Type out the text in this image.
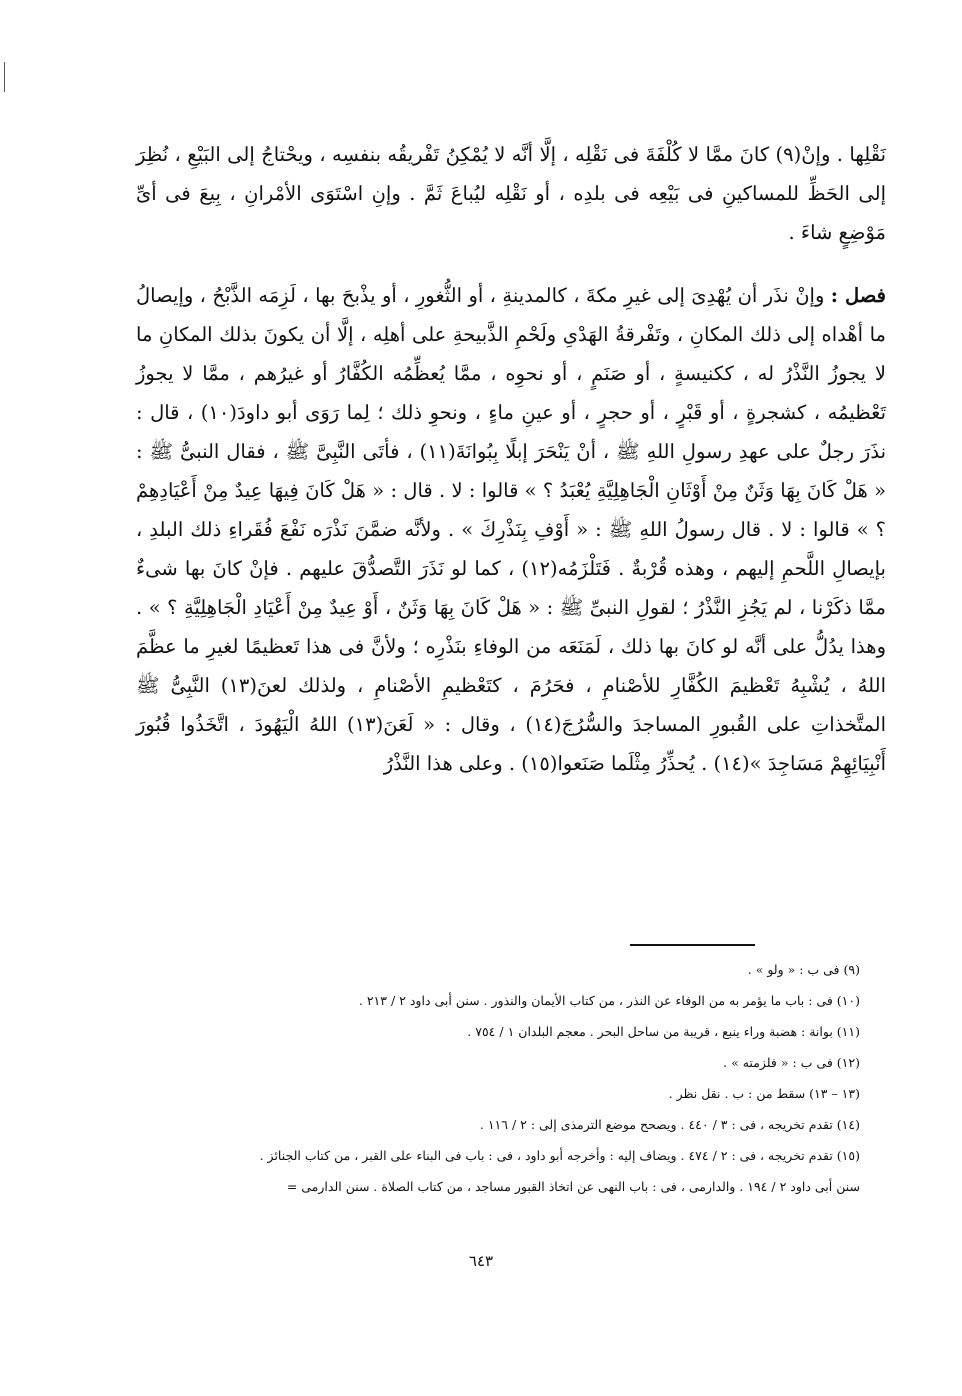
نَقْلِها . وإنْ(٩) كانَ ممَّا لا كُلْفَةَ فى نَقْلِه ، إلَّا أنَّه لا يُمْكِنُ تَفْريقُه بنفسِه ، ويحْتاجُ إلى البَيْعِ ، نُظِرَ إلى الحَظِّ للمساكينِ فى بَيْعِه فى بلدِه ، أو نَقْلِه ليُباعَ ثَمَّ . وإنِ اسْتَوَى الأمْرانِ ، بِيعَ فى أىِّ مَوْضِعٍ شاءَ .

فصل : وإنْ نذَر أن يُهْدِىَ إلى غيرِ مكةَ ، كالمدينةِ ، أو الثُّغورِ ، أو يذْبحَ بها ، لَزِمَه الذَّبْحُ ، وإيصالُ ما أهْداه إلى ذلك المكانِ ، وتَفْرقةُ الهَدْىِ ولَحْمِ الذَّبيحةِ على أهلِه ، إلَّا أن يكونَ بذلك المكانِ ما لا يجوزُ النَّذْرُ له ، ككنيسةٍ ، أو صَنَمٍ ، أو نحوِه ، ممَّا يُعظِّمُه الكُفَّارُ أو غيرُهم ، ممَّا لا يجوزُ تَعْظيمُه ، كشجرةٍ ، أو قَبْرٍ ، أو حجرٍ ، أو عينِ ماءٍ ، ونحوِ ذلك ؛ لِما رَوَى أبو داودَ(١٠) ، قال : نذَرَ رجلٌ على عهدِ رسولِ اللهِ ﷺ ، أنْ يَنْحَرَ إبلًا بِبُوانَةَ(١١) ، فأتَى النَّبِىَّ ﷺ ، فقال النبىُّ ﷺ : « هَلْ كَانَ بِهَا وَثَنٌ مِنْ أَوْثَانِ الْجَاهِلِيَّةِ يُعْبَدُ ؟ » قالوا : لا . قال : « هَلْ كَانَ فِيهَا عِيدٌ مِنْ أَعْيَادِهِمْ ؟ » قالوا : لا . قال رسولُ اللهِ ﷺ : « أَوْفِ بِنَذْرِكَ » . ولأنَّه ضمَّنَ نَذْرَه نَفْعَ فُقَراءِ ذلك البلدِ ، بإيصالِ اللَّحمِ إليهم ، وهذه قُرْبةٌ . فَتَلْزَمُه(١٢) ، كما لو نَذَرَ التَّصدُّقَ عليهم . فإنْ كانَ بها شىءٌ ممَّا ذكَرْنا ، لم يَجُزِ النَّذْرُ ؛ لقولِ النبىِّ ﷺ : « هَلْ كَانَ بِهَا وَثَنٌ ، أَوْ عِيدٌ مِنْ أَعْيَادِ الْجَاهِلِيَّةِ ؟ » . وهذا يدُلُّ على أنَّه لو كانَ بها ذلك ، لَمَنَعَه من الوفاءِ بنَذْرِه ؛ ولأنَّ فى هذا تَعظيمًا لغيرِ ما عظَّمَ اللهُ ، يُشْبِهُ تَعْظيمَ الكُفَّارِ للأصْنامِ ، فحَرُمَ ، كتَعْظيمِ الأصْنامِ ، ولذلك لعنَ(١٣) النَّبِىُّ ﷺ المتَّخذاتِ على القُبورِ المساجدَ والسُّرُجَ(١٤) ، وقال : « لَعَنَ(١٣) اللهُ الْيَهُودَ ، اتَّخَذُوا قُبُورَ أَنْبِيَائِهِمْ مَسَاجِدَ »(١٤) . يُحذِّرُ مِثْلَما صَنَعوا(١٥) . وعلى هذا النَّذْرُ

(٩) فى ب : « ولو » .

(١٠) فى : باب ما يؤمر به من الوفاء عن النذر ، من كتاب الأيمان والنذور . سنن أبى داود ٢ / ٢١٣ .

(١١) بوانة : هضبة وراء ينبع ، قريبة من ساحل البحر . معجم البلدان ١ / ٧٥٤ .

(١٢) فى ب : « فلزمته » .

(١٣ – ١٣) سقط من : ب . نقل نظر .

(١٤) تقدم تخريجه ، فى : ٣ / ٤٤٠ . ويصحح موضع الترمذى إلى : ٢ / ١١٦ .

(١٥) تقدم تخريجه ، فى : ٢ / ٤٧٤ . ويضاف إليه : وأخرجه أبو داود ، فى : باب فى البناء على القبر ، من كتاب الجنائز .

سنن أبى داود ٢ / ١٩٤ . والدارمى ، فى : باب النهى عن اتخاذ القبور مساجد ، من كتاب الصلاة . سنن الدارمى =

٦٤٣
